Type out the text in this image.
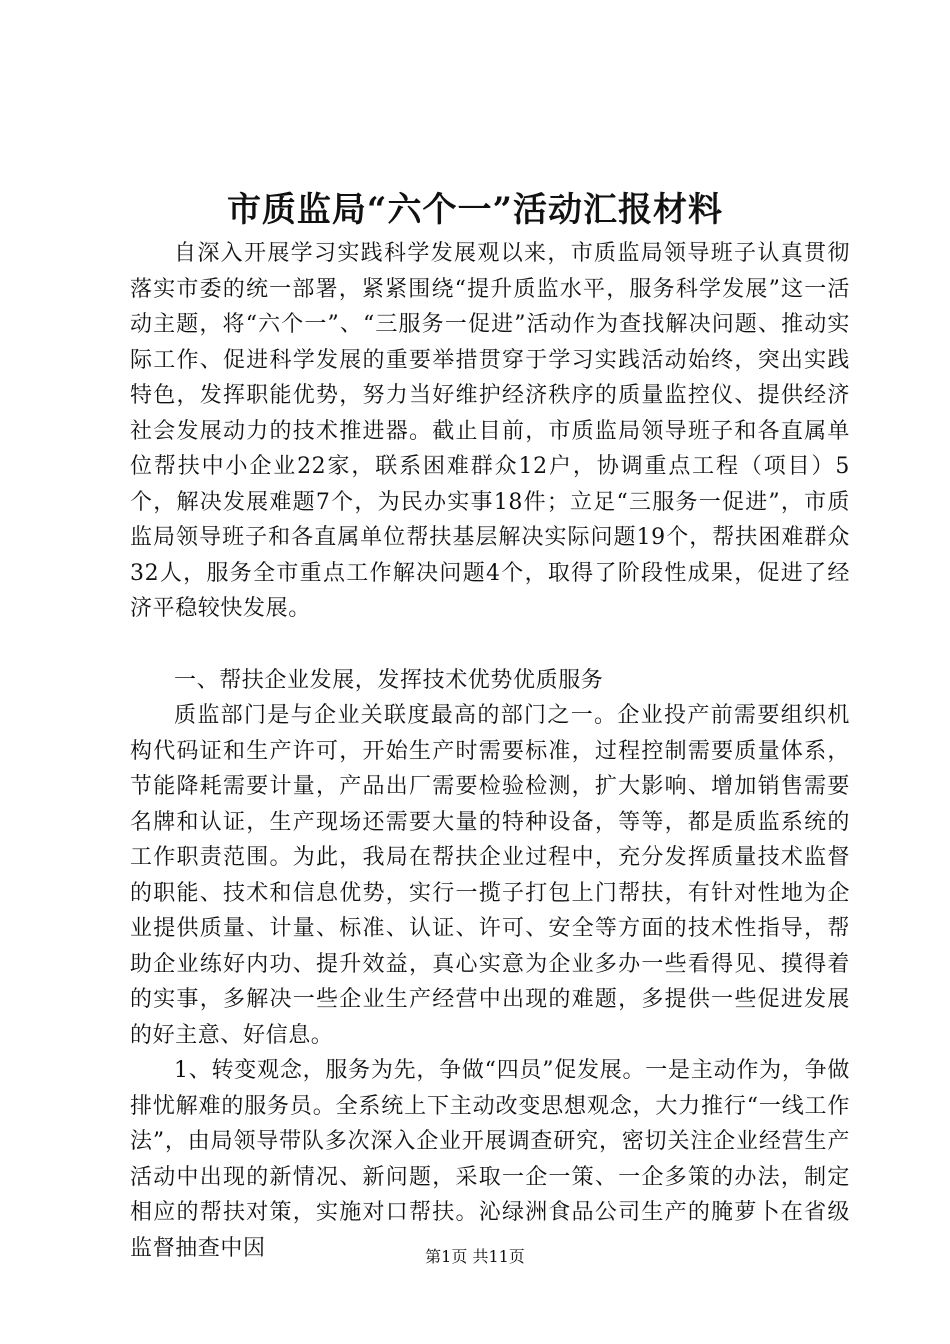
市质监局“六个一”活动汇报材料

自深入开展学习实践科学发展观以来，市质监局领导班子认真贯彻落实市委的统一部署，紧紧围绕“提升质监水平，服务科学发展”这一活动主题，将“六个一”、“三服务一促进”活动作为查找解决问题、推动实际工作、促进科学发展的重要举措贯穿于学习实践活动始终，突出实践特色，发挥职能优势，努力当好维护经济秩序的质量监控仪、提供经济社会发展动力的技术推进器。截止目前，市质监局领导班子和各直属单位帮扶中小企业22家，联系困难群众12户，协调重点工程（项目）5个，解决发展难题7个，为民办实事18件；立足“三服务一促进”，市质监局领导班子和各直属单位帮扶基层解决实际问题19个，帮扶困难群众32人，服务全市重点工作解决问题4个，取得了阶段性成果，促进了经济平稳较快发展。

一、帮扶企业发展，发挥技术优势优质服务

质监部门是与企业关联度最高的部门之一。企业投产前需要组织机构代码证和生产许可，开始生产时需要标准，过程控制需要质量体系，节能降耗需要计量，产品出厂需要检验检测，扩大影响、增加销售需要名牌和认证，生产现场还需要大量的特种设备，等等，都是质监系统的工作职责范围。为此，我局在帮扶企业过程中，充分发挥质量技术监督的职能、技术和信息优势，实行一揽子打包上门帮扶，有针对性地为企业提供质量、计量、标准、认证、许可、安全等方面的技术性指导，帮助企业练好内功、提升效益，真心实意为企业多办一些看得见、摸得着的实事，多解决一些企业生产经营中出现的难题，多提供一些促进发展的好主意、好信息。

1、转变观念，服务为先，争做“四员”促发展。一是主动作为，争做排忧解难的服务员。全系统上下主动改变思想观念，大力推行“一线工作法”，由局领导带队多次深入企业开展调查研究，密切关注企业经营生产活动中出现的新情况、新问题，采取一企一策、一企多策的办法，制定相应的帮扶对策，实施对口帮扶。沁绿洲食品公司生产的腌萝卜在省级监督抽查中因	第1页 共11页
